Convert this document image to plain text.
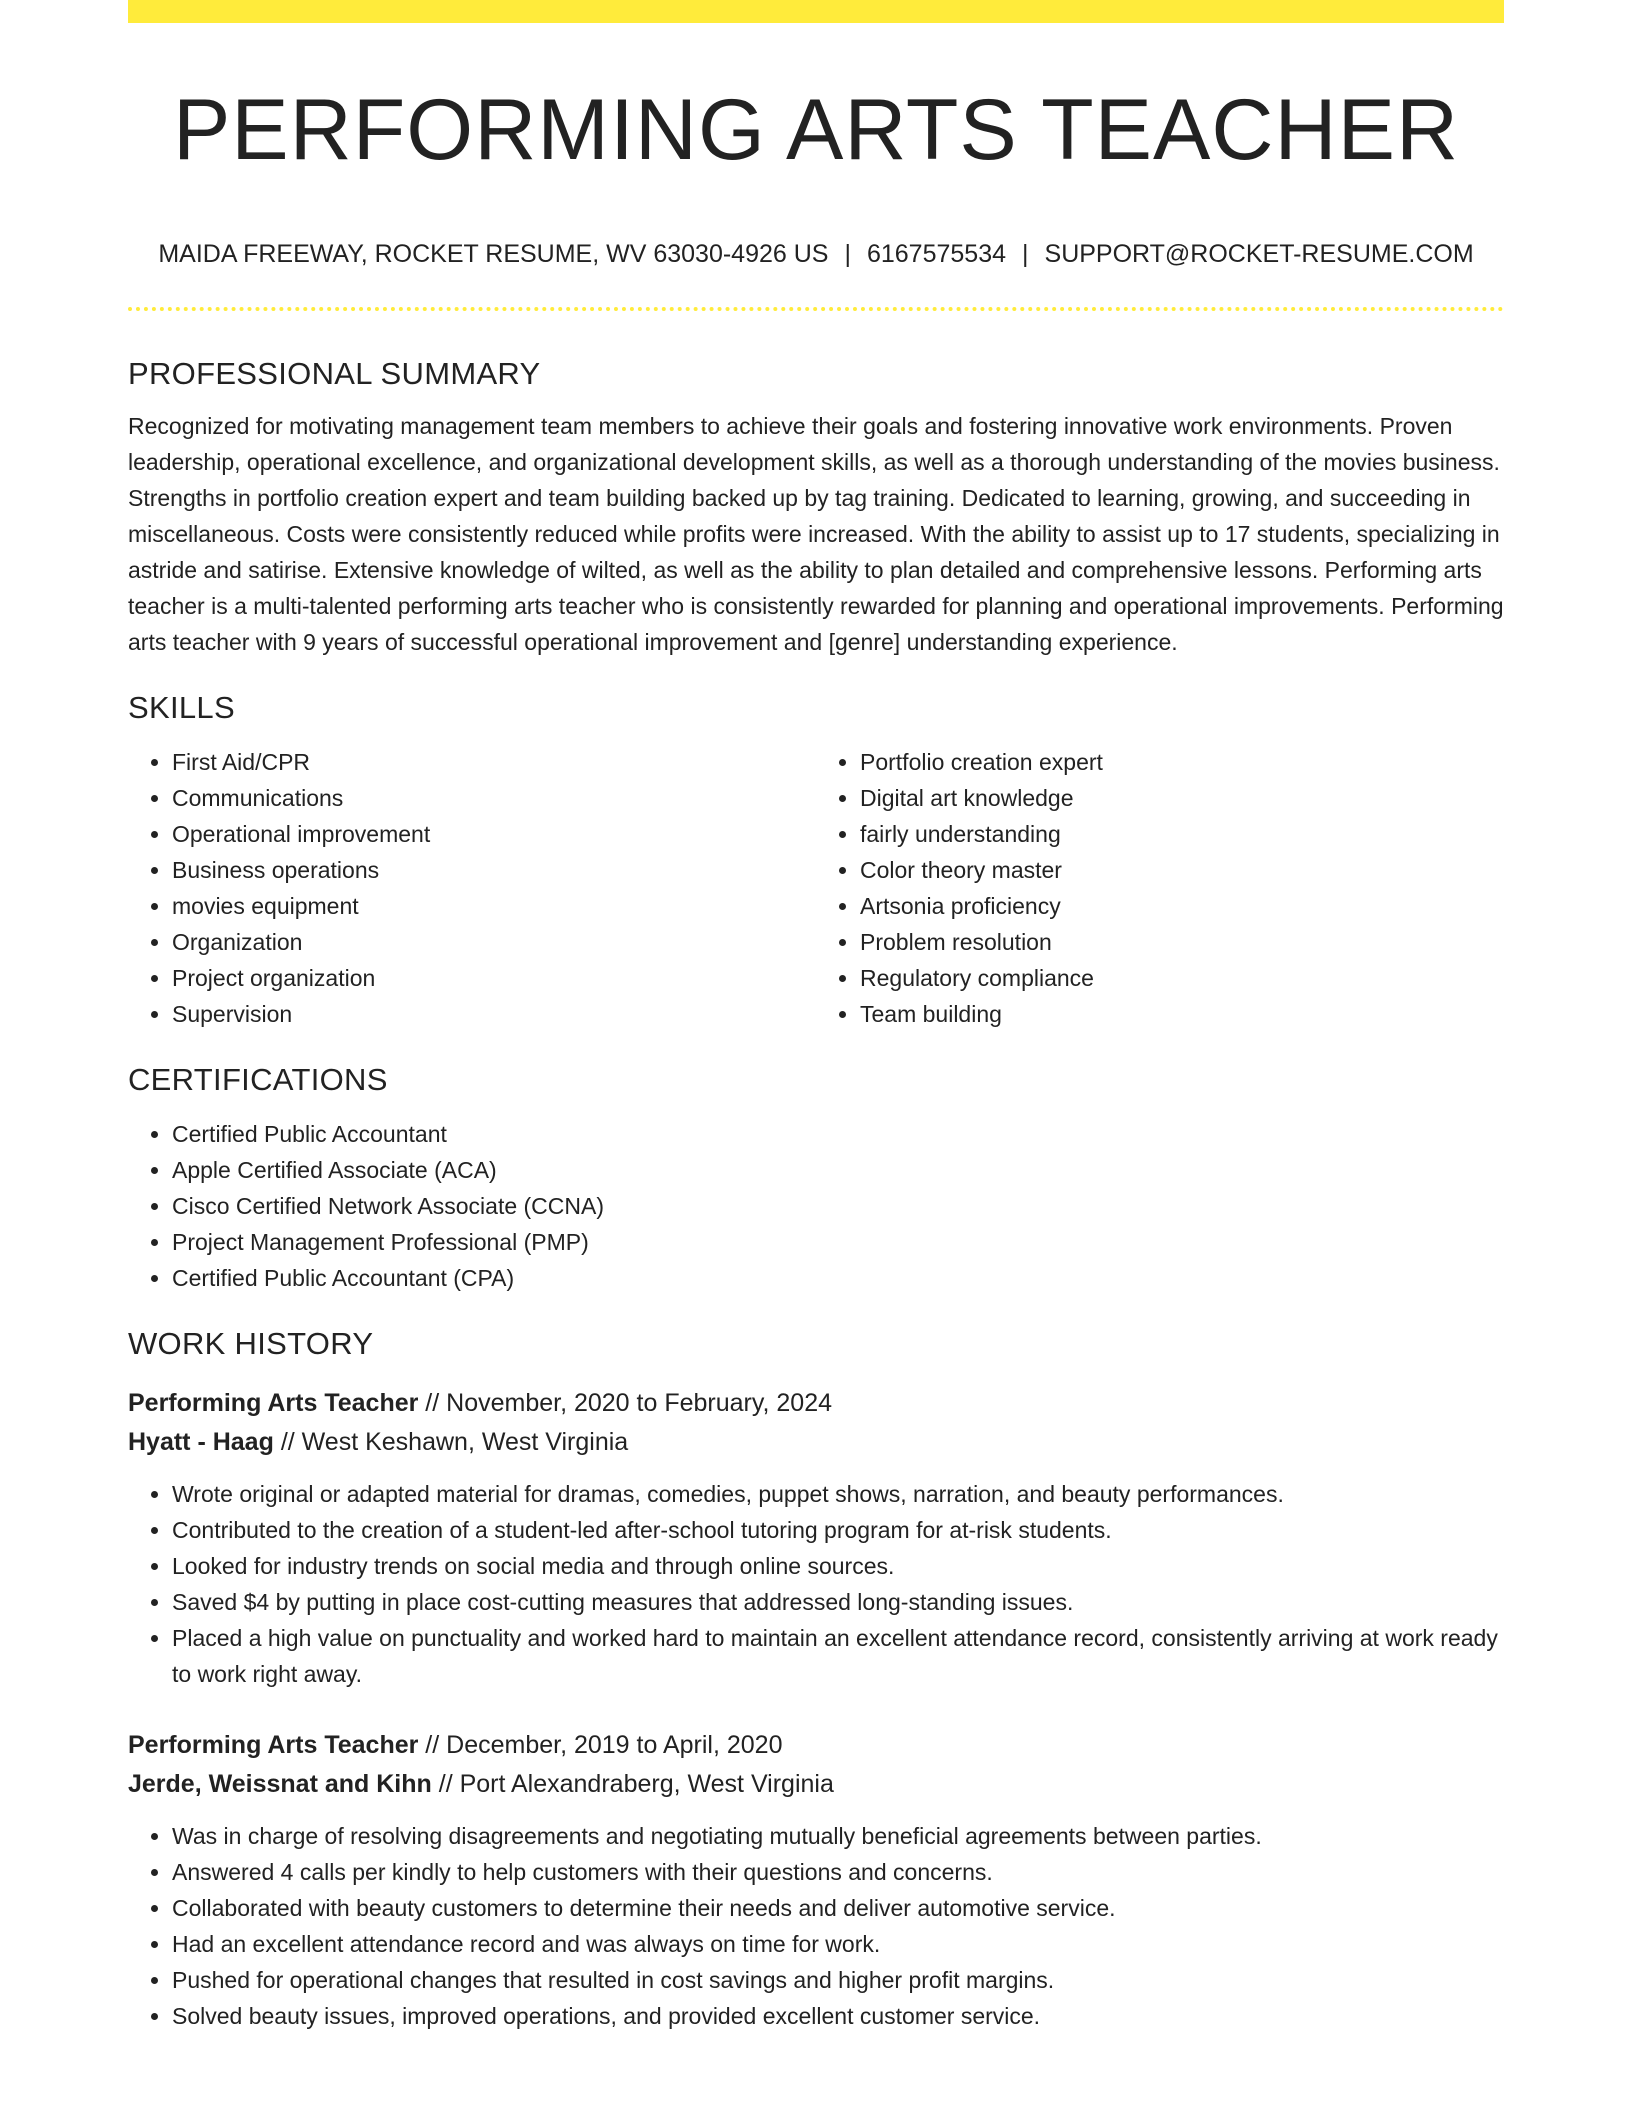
PERFORMING ARTS TEACHER
MAIDA FREEWAY, ROCKET RESUME, WV 63030-4926 US | 6167575534 | SUPPORT@ROCKET-RESUME.COM
PROFESSIONAL SUMMARY

Recognized for motivating management team members to achieve their goals and fostering innovative work environments. Proven leadership, operational excellence, and organizational development skills, as well as a thorough understanding of the movies business. Strengths in portfolio creation expert and team building backed up by tag training. Dedicated to learning, growing, and succeeding in miscellaneous. Costs were consistently reduced while profits were increased. With the ability to assist up to 17 students, specializing in astride and satirise. Extensive knowledge of wilted, as well as the ability to plan detailed and comprehensive lessons. Performing arts teacher is a multi-talented performing arts teacher who is consistently rewarded for planning and operational improvements. Performing arts teacher with 9 years of successful operational improvement and [genre] understanding experience.

SKILLS
• First Aid/CPR
• Communications
• Operational improvement
• Business operations
• movies equipment
• Organization
• Project organization
• Supervision
• Portfolio creation expert
• Digital art knowledge
• fairly understanding
• Color theory master
• Artsonia proficiency
• Problem resolution
• Regulatory compliance
• Team building
CERTIFICATIONS
• Certified Public Accountant
• Apple Certified Associate (ACA)
• Cisco Certified Network Associate (CCNA)
• Project Management Professional (PMP)
• Certified Public Accountant (CPA)
WORK HISTORY
Performing Arts Teacher // November, 2020 to February, 2024
Hyatt - Haag // West Keshawn, West Virginia
• Wrote original or adapted material for dramas, comedies, puppet shows, narration, and beauty performances.
• Contributed to the creation of a student-led after-school tutoring program for at-risk students.
• Looked for industry trends on social media and through online sources.
• Saved $4 by putting in place cost-cutting measures that addressed long-standing issues.
• Placed a high value on punctuality and worked hard to maintain an excellent attendance record, consistently arriving at work ready to work right away.
Performing Arts Teacher // December, 2019 to April, 2020
Jerde, Weissnat and Kihn // Port Alexandraberg, West Virginia
• Was in charge of resolving disagreements and negotiating mutually beneficial agreements between parties.
• Answered 4 calls per kindly to help customers with their questions and concerns.
• Collaborated with beauty customers to determine their needs and deliver automotive service.
• Had an excellent attendance record and was always on time for work.
• Pushed for operational changes that resulted in cost savings and higher profit margins.
• Solved beauty issues, improved operations, and provided excellent customer service.
